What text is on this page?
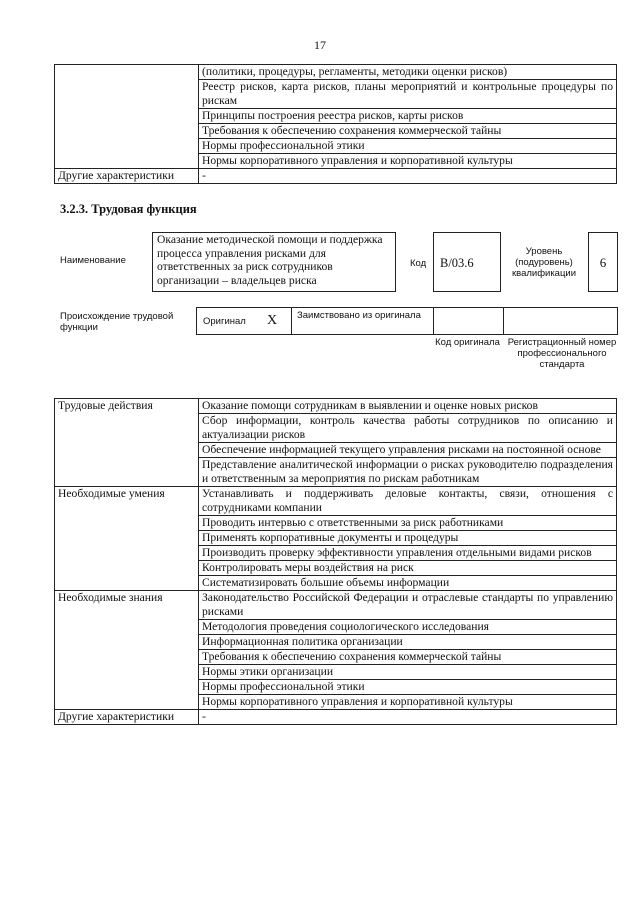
17
	(политики, процедуры, регламенты, методики оценки рисков)
	Реестр рисков, карта рисков, планы мероприятий и контрольные процедуры по рискам
	Принципы построения реестра рисков, карты рисков
	Требования к обеспечению сохранения коммерческой тайны
	Нормы профессиональной этики
	Нормы корпоративного управления и корпоративной культуры
Другие характеристики	-
3.2.3. Трудовая функция
Наименование
Оказание методической помощи и поддержка процесса управления рисками для ответственных за риск сотрудников организации – владельцев риска
Код	B/03.6
Уровень (подуровень) квалификации
6
Происхождение трудовой функции
Оригинал X Заимствовано из оригинала
Код оригинала Регистрационный номер профессионального стандарта
Трудовые действия	Оказание помощи сотрудникам в выявлении и оценке новых рисков
	Сбор информации, контроль качества работы сотрудников по описанию и актуализации рисков
	Обеспечение информацией текущего управления рисками на постоянной основе
	Представление аналитической информации о рисках руководителю подразделения и ответственным за мероприятия по рискам работникам
Необходимые умения	Устанавливать и поддерживать деловые контакты, связи, отношения с сотрудниками компании
	Проводить интервью с ответственными за риск работниками
	Применять корпоративные документы и процедуры
	Производить проверку эффективности управления отдельными видами рисков
	Контролировать меры воздействия на риск
	Систематизировать большие объемы информации
Необходимые знания	Законодательство Российской Федерации и отраслевые стандарты по управлению рисками
	Методология проведения социологического исследования
	Информационная политика организации
	Требования к обеспечению сохранения коммерческой тайны
	Нормы этики организации
	Нормы профессиональной этики
	Нормы корпоративного управления и корпоративной культуры
Другие характеристики	-
